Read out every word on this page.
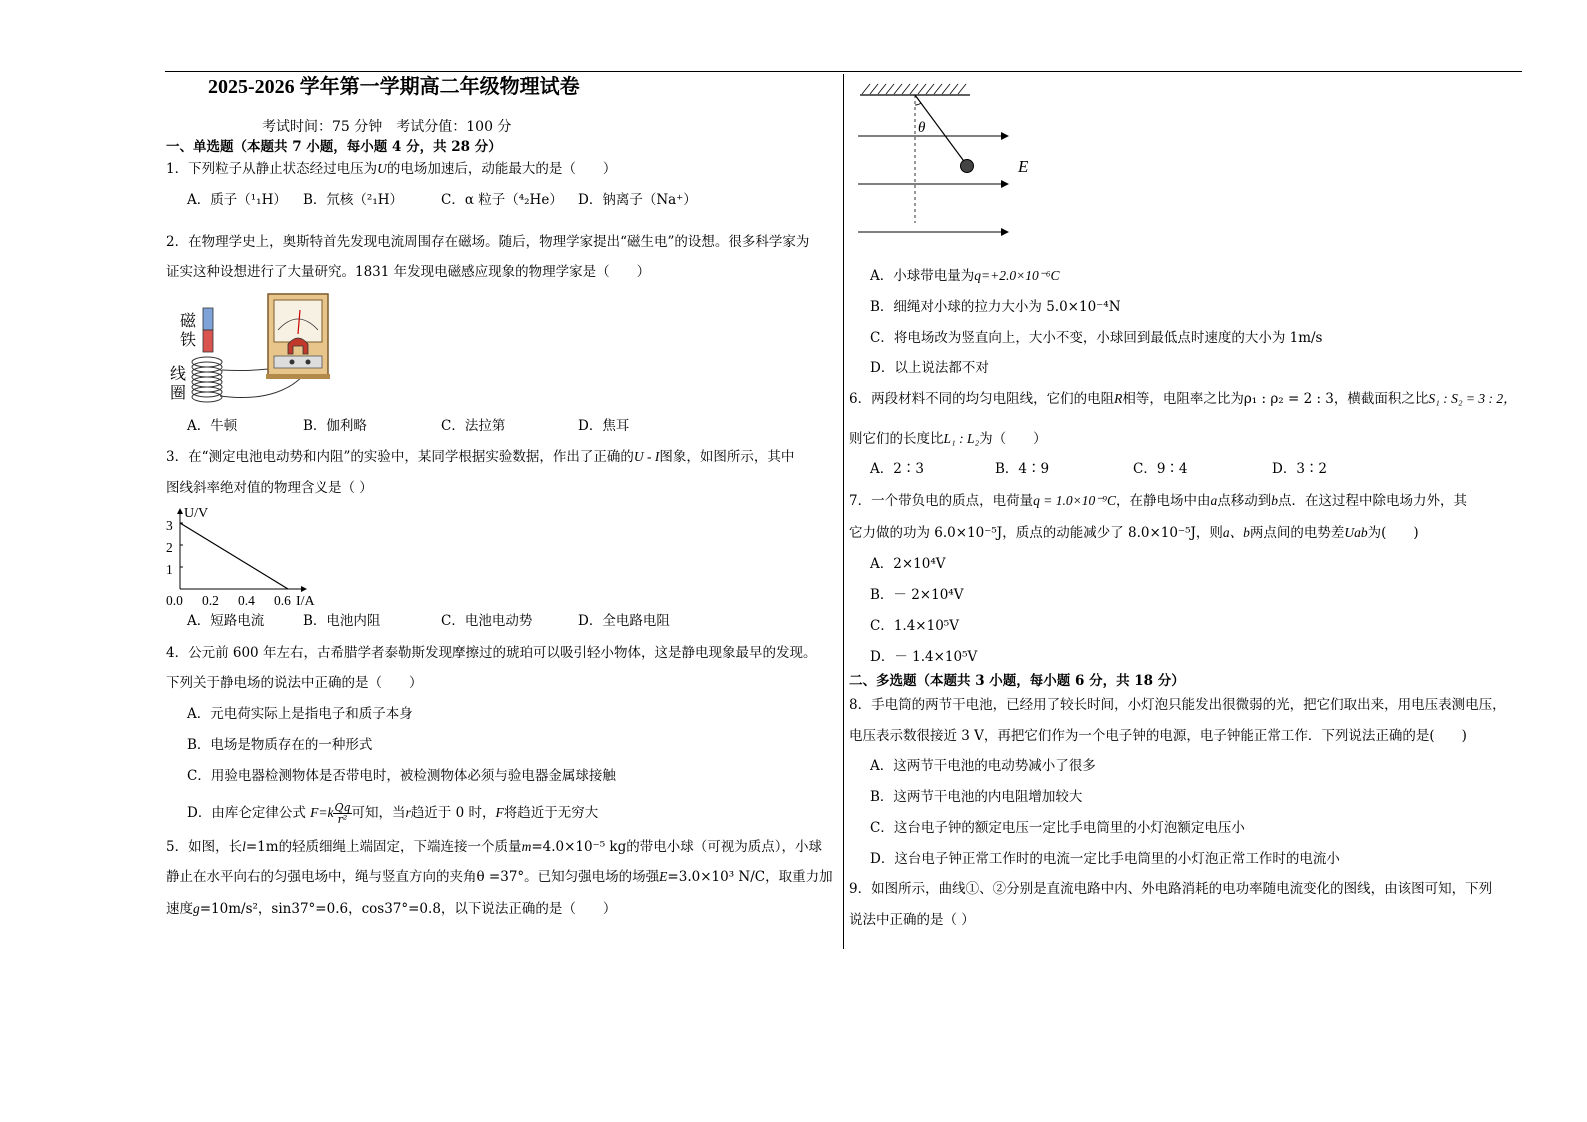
2025-2026 学年第一学期高二年级物理试卷
考试时间：75 分钟　考试分值：100 分
一、单选题（本题共 7 小题，每小题 4 分，共 28 分）
1．下列粒子从静止状态经过电压为U的电场加速后，动能最大的是（　　）
A．质子（¹₁H） B．氘核（²₁H）	C．α 粒子（⁴₂He） D．钠离子（Na⁺）
2．在物理学史上，奥斯特首先发现电流周围存在磁场。随后，物理学家提出“磁生电”的设想。很多科学家为
证实这种设想进行了大量研究。1831 年发现电磁感应现象的物理学家是（　　）
磁铁
线圈
A．牛顿	B．伽利略	C．法拉第	D．焦耳
3．在“测定电池电动势和内阻”的实验中，某同学根据实验数据，作出了正确的U - I图象，如图所示，其中
图线斜率绝对值的物理含义是（ ）
U/V
I/A
3
2
1
0.0 0.2 0.4 0.6
A．短路电流	B．电池内阻	C．电池电动势	D．全电路电阻
4．公元前 600 年左右，古希腊学者泰勒斯发现摩擦过的琥珀可以吸引轻小物体，这是静电现象最早的发现。
下列关于静电场的说法中正确的是（　　）
A．元电荷实际上是指电子和质子本身
B．电场是物质存在的一种形式
C．用验电器检测物体是否带电时，被检测物体必须与验电器金属球接触
D．由库仑定律公式 $F=k \frac{Qq}{\text{r²}}$ 可知，当r趋近于 0 时，F将趋近于无穷大
5．如图，长l=1m的轻质细绳上端固定，下端连接一个质量m=4.0×10⁻⁵ kg的带电小球（可视为质点），小球
静止在水平向右的匀强电场中，绳与竖直方向的夹角θ =37°。已知匀强电场的场强E=3.0×10³ N/C，取重力加
速度g=10m/s²，sin37°=0.6，cos37°=0.8，以下说法正确的是（　　）
θ
E
A．小球带电量为q=+2.0×10⁻⁶C
B．细绳对小球的拉力大小为 5.0×10⁻⁴N
C．将电场改为竖直向上，大小不变，小球回到最低点时速度的大小为 1m/s
D．以上说法都不对
6．两段材料不同的均匀电阻线，它们的电阻R相等，电阻率之比为ρ₁ : ρ₂ = 2 : 3，横截面积之比S₁ : S₂ = 3 : 2，
则它们的长度比L₁ : L₂为（　　）
A．2∶3	B．4∶9	C．9∶4	D．3∶2
7．一个带负电的质点，电荷量q = 1.0×10⁻⁹C，在静电场中由a点移动到b点．在这过程中除电场力外，其
它力做的功为 6.0×10⁻⁵J，质点的动能减少了 8.0×10⁻⁵J，则a、b两点间的电势差Uab为(　　)
A．2×10⁴V
B．－ 2×10⁴V
C．1.4×10⁵V
D．－ 1.4×10⁵V
二、多选题（本题共 3 小题，每小题 6 分，共 18 分）
8．手电筒的两节干电池，已经用了较长时间，小灯泡只能发出很微弱的光，把它们取出来，用电压表测电压，
电压表示数很接近 3 V，再把它们作为一个电子钟的电源，电子钟能正常工作．下列说法正确的是(　　)
A．这两节干电池的电动势减小了很多
B．这两节干电池的内电阻增加较大
C．这台电子钟的额定电压一定比手电筒里的小灯泡额定电压小
D．这台电子钟正常工作时的电流一定比手电筒里的小灯泡正常工作时的电流小
9．如图所示，曲线①、②分别是直流电路中内、外电路消耗的电功率随电流变化的图线，由该图可知，下列
说法中正确的是（ ）
